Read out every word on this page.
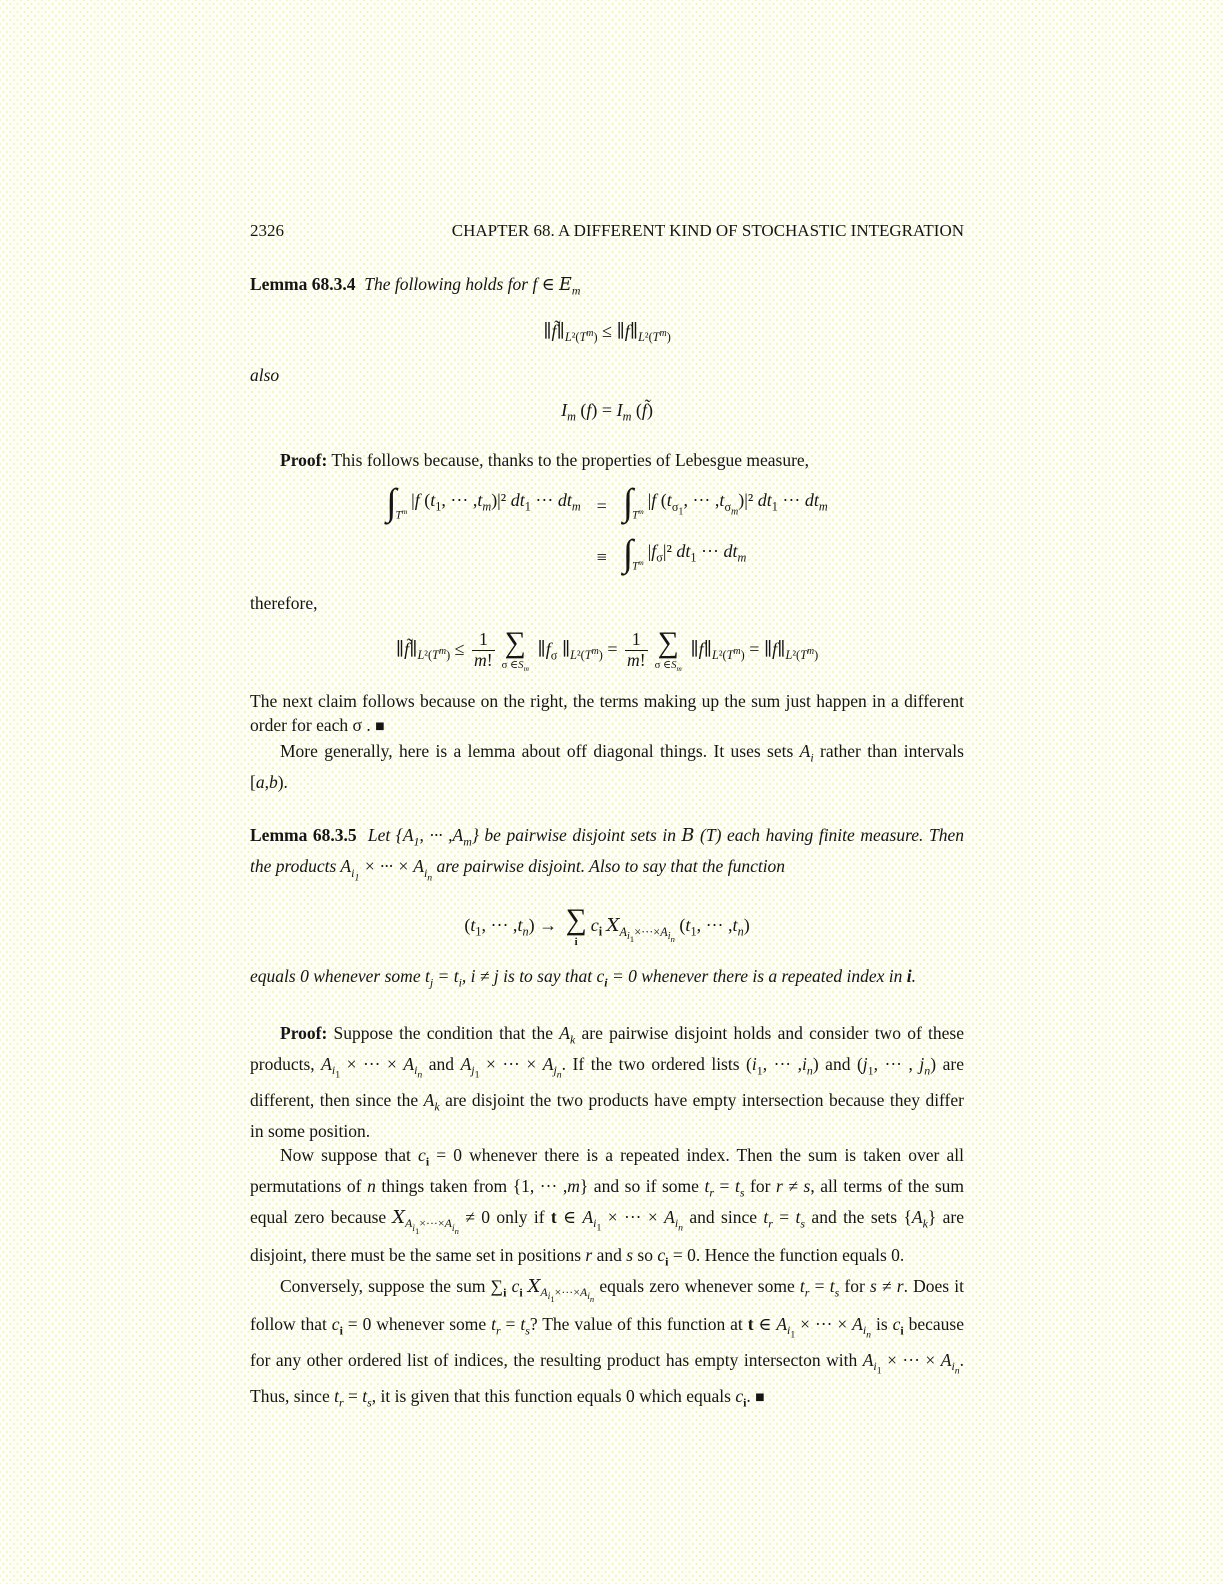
2326	CHAPTER 68. A DIFFERENT KIND OF STOCHASTIC INTEGRATION

Lemma 68.3.4 The following holds for f ∈ $E_m$

$\parallel f̃\parallel_{L^2(T^m)}$ ≤ $\parallel f\parallel_{L^2(T^m)}$

also

$I_m$ $(f) = I_m$ (f̃)

Proof: This follows because, thanks to the properties of Lebesgue measure,

$\int T^m|f$ ($t_1$, ··· $,t_m)|^2$ $dt_1$ ··· $dt_m = \int T^m|f$ ($t_{\sigma_1}$, ··· $,t_{\sigma_m})|^2$ $dt_1$ ··· $dt_m$
≡ $\int T^m|f_\sigma|^2$ $dt_1$ ··· $dt_m$

therefore,

$\parallel f̃\parallel_{L^2(T^m)} \le \frac{1}{m!}$ ∑
σ $\in S_m$
$\parallel f_\sigma$ $\parallel_{L^2(T^m)} = \frac{1}{m!}$ ∑
σ $\in S_m$
$\parallel f\parallel_{L^2(T^m)}$ = $\parallel f\parallel_{L^2(T^m)}$

The next claim follows because on the right, the terms making up the sum just happen in a different order for each σ . ■

More generally, here is a lemma about off diagonal things. It uses sets $A_i$ rather than intervals [a,b).

Lemma 68.3.5 Let {$A_1$, ··· $,A_m$} be pairwise disjoint sets in B (T) each having finite measure. Then the products $A_{i_1}$ × ··· × $A_{i_n}$ are pairwise disjoint. Also to say that the function

($t_1$, ··· $,t_n$) → ∑
i
$c_i$ $X_{A_{i_1}\times\cdot\cdot\cdot\times A_{i_n}}$ ($t_1$, ··· $,t_n$)

equals 0 whenever some $t_j = t_i$, i ≠ j is to say that $c_i = 0$ whenever there is a repeated index in i.

Proof: Suppose the condition that the $A_k$ are pairwise disjoint holds and consider two of these products, $A_{i_1}$ × ··· × $A_{i_n}$ and $A_{j_1}$ × ··· × $A_{j_n}$. If the two ordered lists ($i_1$, ··· $,i_n$) and ($j_1$, ··· , $j_n$) are different, then since the $A_k$ are disjoint the two products have empty intersection because they differ in some position.

Now suppose that $c_i = 0$ whenever there is a repeated index. Then the sum is taken over all permutations of n things taken from {1, ··· ,m} and so if some $t_r = t_s$ for r ≠ s, all terms of the sum equal zero because $X_{A_{i_1}\times\cdot\cdot\cdot\times A_{i_n}} \ne 0$ only if t ∈ $A_{i_1}$ × ··· × $A_{i_n}$ and since $t_r = t_s$ and the sets $\{A_k\}$ are disjoint, there must be the same set in positions r and s so $c_i = 0$. Hence the function equals 0.

Conversely, suppose the sum $\sum_i$ $c_i$ $X_{A_{i_1}\times\cdot\cdot\cdot\times A_{i_n}}$ equals zero whenever some $t_r = t_s$ for s ≠ r. Does it follow that $c_i = 0$ whenever some $t_r = t_s$? The value of this function at t ∈ $A_{i_1}$ × ··· × $A_{i_n}$ is $c_i$ because for any other ordered list of indices, the resulting product has empty intersecton with $A_{i_1}$ × ··· × $A_{i_n}$. Thus, since $t_r = t_s$, it is given that this function equals 0 which equals $c_i$. ■
